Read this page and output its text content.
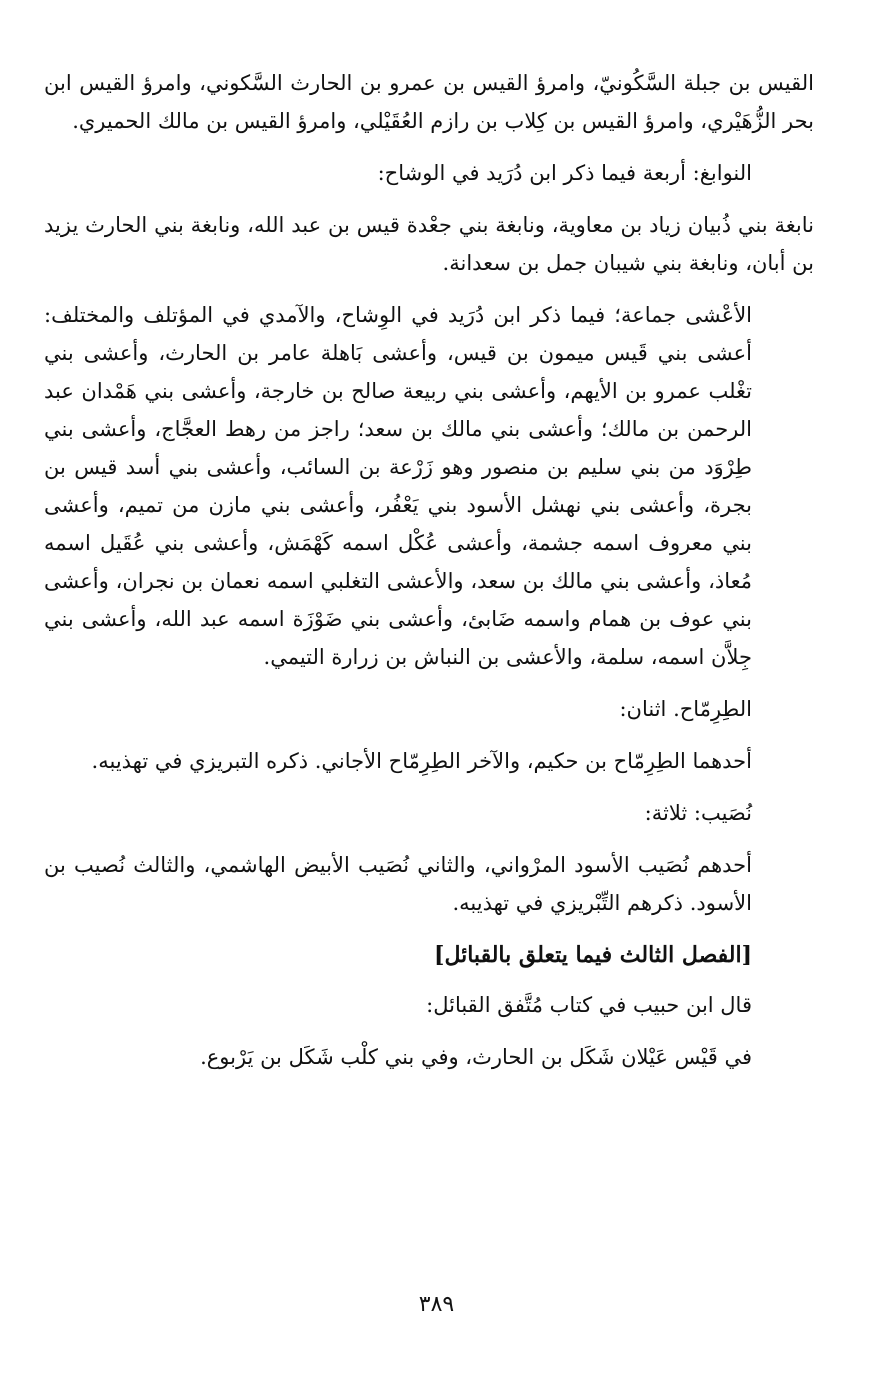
القيس بن جبلة السَّكُونيّ، وامرؤ القيس بن عمرو بن الحارث السَّكوني، وامرؤ القيس ابن بحر الزُّهَيْري، وامرؤ القيس بن كِلاب بن رازم العُقَيْلي، وامرؤ القيس بن مالك الحميري.

النوابغ: أربعة فيما ذكر ابن دُرَيد في الوشاح:

نابغة بني ذُبيان زياد بن معاوية، ونابغة بني جعْدة قيس بن عبد الله، ونابغة بني الحارث يزيد بن أبان، ونابغة بني شيبان جمل بن سعدانة.

الأعْشى جماعة؛ فيما ذكر ابن دُرَيد في الوِشاح، والآمدي في المؤتلف والمختلف: أعشى بني قَيس ميمون بن قيس، وأعشى بَاهلة عامر بن الحارث، وأعشى بني تغْلب عمرو بن الأيهم، وأعشى بني ربيعة صالح بن خارجة، وأعشى بني هَمْدان عبد الرحمن بن مالك؛ وأعشى بني مالك بن سعد؛ راجز من رهط العجَّاج، وأعشى بني طِرْوَد من بني سليم بن منصور وهو زَرْعة بن السائب، وأعشى بني أسد قيس بن بجرة، وأعشى بني نهشل الأسود بني يَعْفُر، وأعشى بني مازن من تميم، وأعشى بني معروف اسمه جشمة، وأعشى عُكْل اسمه كَهْمَش، وأعشى بني عُقَيل اسمه مُعاذ، وأعشى بني مالك بن سعد، والأعشى التغلبي اسمه نعمان بن نجران، وأعشى بني عوف بن همام واسمه ضَابئ، وأعشى بني ضَوْزَة اسمه عبد الله، وأعشى بني جِلاَّن اسمه، سلمة، والأعشى بن النباش بن زرارة التيمي.

الطِرِمّاح. اثنان:

أحدهما الطِرِمّاح بن حكيم، والآخر الطِرِمّاح الأجاني. ذكره التبريزي في تهذيبه.

نُصَيب: ثلاثة:

أحدهم نُصَيب الأسود المرْواني، والثاني نُصَيب الأبيض الهاشمي، والثالث نُصيب بن الأسود. ذكرهم التِّبْريزي في تهذيبه.

[الفصل الثالث فيما يتعلق بالقبائل]

قال ابن حبيب في كتاب مُتَّفق القبائل:

في قَيْس عَيْلان شَكَل بن الحارث، وفي بني كلْب شَكَل بن يَرْبوع.

٣٨٩
